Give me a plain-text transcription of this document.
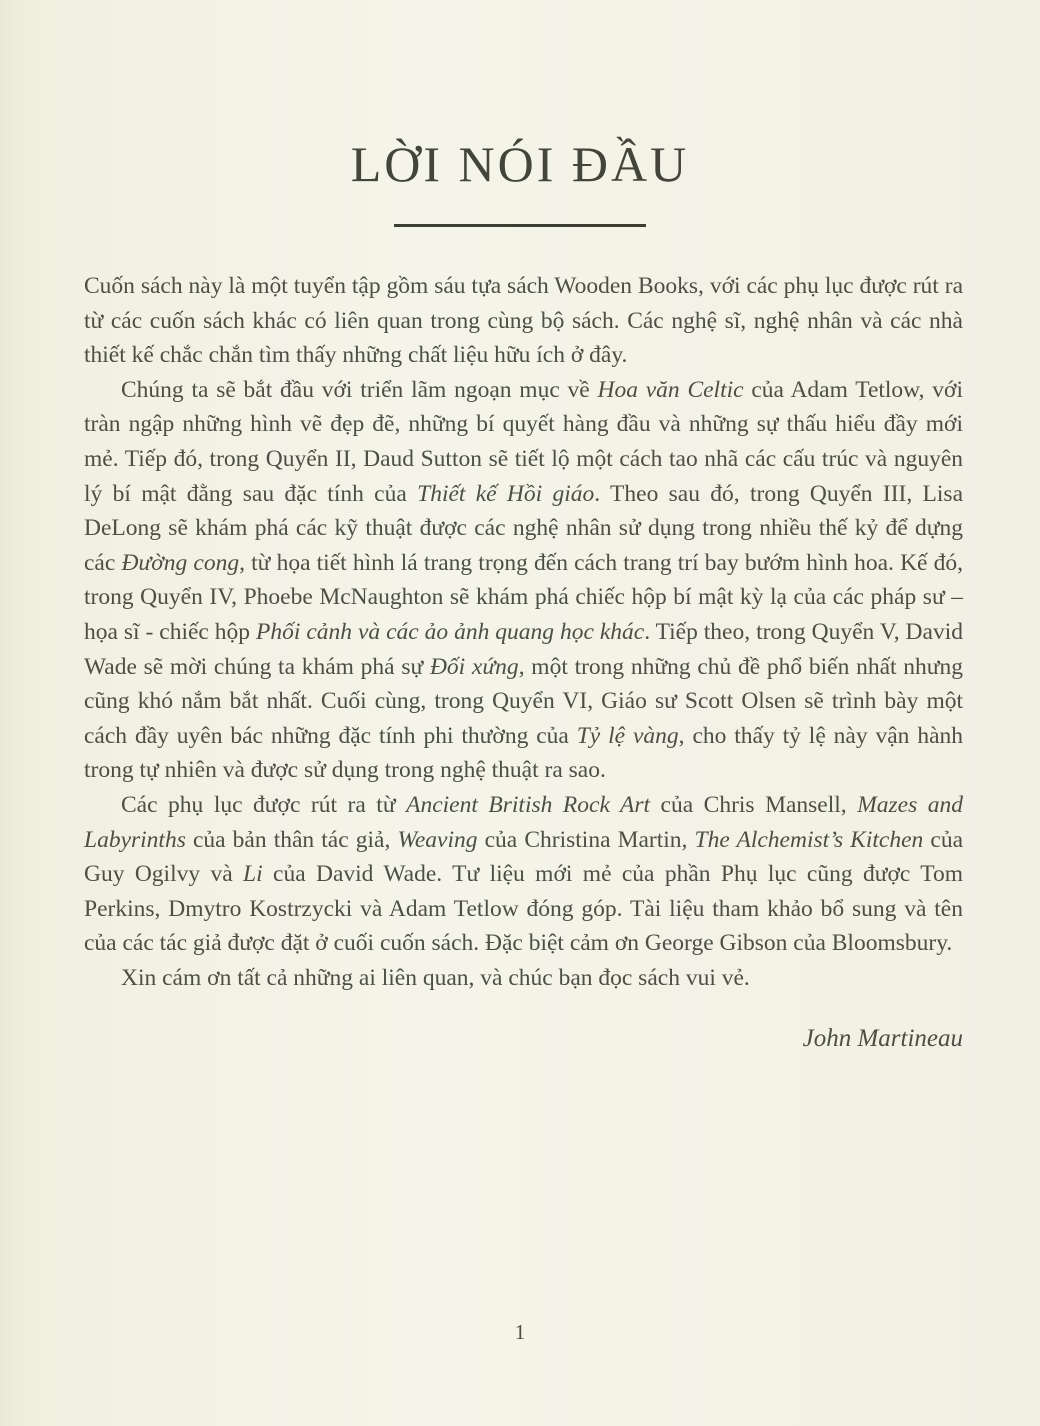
LỜI NÓI ĐẦU

Cuốn sách này là một tuyển tập gồm sáu tựa sách Wooden Books, với các phụ lục được rút ra từ các cuốn sách khác có liên quan trong cùng bộ sách. Các nghệ sĩ, nghệ nhân và các nhà thiết kế chắc chắn tìm thấy những chất liệu hữu ích ở đây.

Chúng ta sẽ bắt đầu với triển lãm ngoạn mục về Hoa văn Celtic của Adam Tetlow, với tràn ngập những hình vẽ đẹp đẽ, những bí quyết hàng đầu và những sự thấu hiểu đầy mới mẻ. Tiếp đó, trong Quyển II, Daud Sutton sẽ tiết lộ một cách tao nhã các cấu trúc và nguyên lý bí mật đằng sau đặc tính của Thiết kế Hồi giáo. Theo sau đó, trong Quyển III, Lisa DeLong sẽ khám phá các kỹ thuật được các nghệ nhân sử dụng trong nhiều thế kỷ để dựng các Đường cong, từ họa tiết hình lá trang trọng đến cách trang trí bay bướm hình hoa. Kế đó, trong Quyển IV, Phoebe McNaughton sẽ khám phá chiếc hộp bí mật kỳ lạ của các pháp sư – họa sĩ - chiếc hộp Phối cảnh và các ảo ảnh quang học khác. Tiếp theo, trong Quyển V, David Wade sẽ mời chúng ta khám phá sự Đối xứng, một trong những chủ đề phổ biến nhất nhưng cũng khó nắm bắt nhất. Cuối cùng, trong Quyển VI, Giáo sư Scott Olsen sẽ trình bày một cách đầy uyên bác những đặc tính phi thường của Tỷ lệ vàng, cho thấy tỷ lệ này vận hành trong tự nhiên và được sử dụng trong nghệ thuật ra sao.

Các phụ lục được rút ra từ Ancient British Rock Art của Chris Mansell, Mazes and Labyrinths của bản thân tác giả, Weaving của Christina Martin, The Alchemist’s Kitchen của Guy Ogilvy và Li của David Wade. Tư liệu mới mẻ của phần Phụ lục cũng được Tom Perkins, Dmytro Kostrzycki và Adam Tetlow đóng góp. Tài liệu tham khảo bổ sung và tên của các tác giả được đặt ở cuối cuốn sách. Đặc biệt cảm ơn George Gibson của Bloomsbury.

Xin cám ơn tất cả những ai liên quan, và chúc bạn đọc sách vui vẻ.

John Martineau
1
